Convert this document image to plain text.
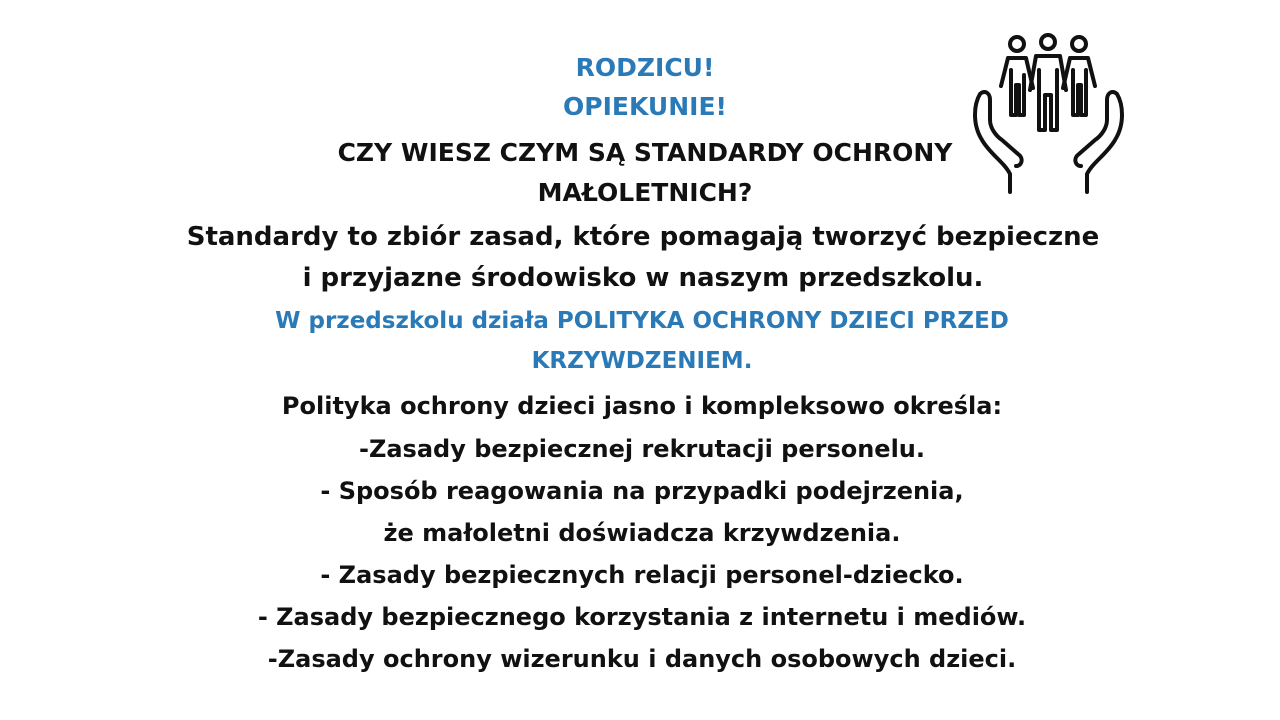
RODZICU!
OPIEKUNIE!
CZY WIESZ CZYM SĄ STANDARDY OCHRONY
MAŁOLETNICH?
Standardy to zbiór zasad, które pomagają tworzyć bezpieczne
i przyjazne środowisko w naszym przedszkolu.
W przedszkolu działa POLITYKA OCHRONY DZIECI PRZED
KRZYWDZENIEM.
Polityka ochrony dzieci jasno i kompleksowo określa:
-Zasady bezpiecznej rekrutacji personelu.
- Sposób reagowania na przypadki podejrzenia,
że małoletni doświadcza krzywdzenia.
- Zasady bezpiecznych relacji personel-dziecko.
- Zasady bezpiecznego korzystania z internetu i mediów.
-Zasady ochrony wizerunku i danych osobowych dzieci.
